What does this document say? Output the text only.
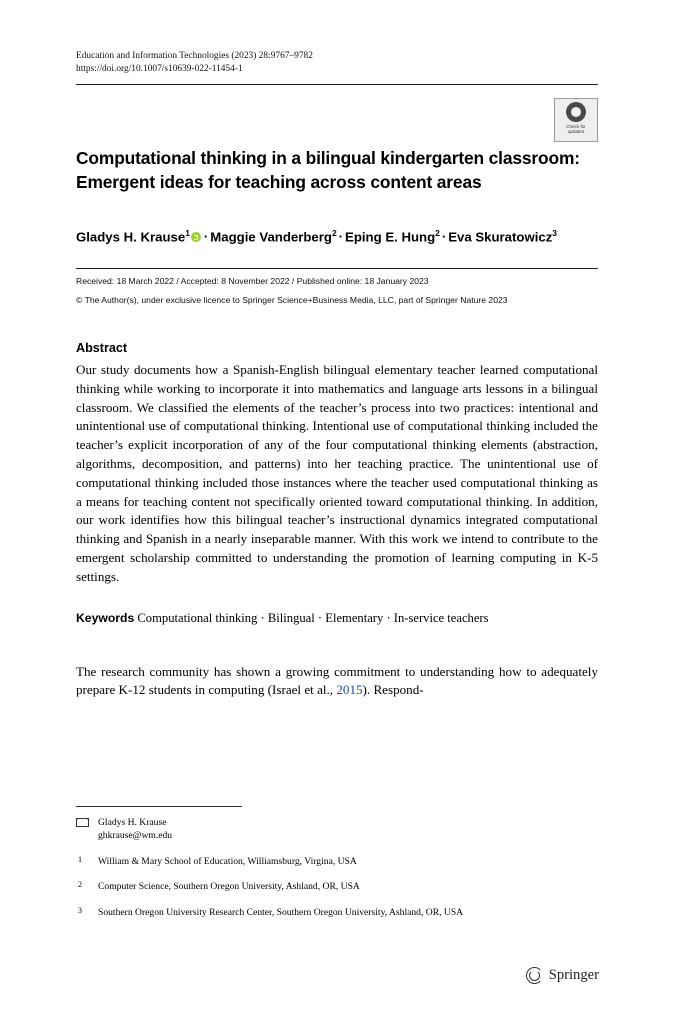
Education and Information Technologies (2023) 28:9767–9782
https://doi.org/10.1007/s10639-022-11454-1
Check for
updates
Computational thinking in a bilingual kindergarten classroom: Emergent ideas for teaching across content areas
Gladys H. Krause$^1$ · Maggie Vanderberg$^2$ · Eping E. Hung$^2$ · Eva Skuratowicz$^3$
Received: 18 March 2022 / Accepted: 8 November 2022 / Published online: 18 January 2023
© The Author(s), under exclusive licence to Springer Science+Business Media, LLC, part of Springer Nature 2023
Abstract
Our study documents how a Spanish-English bilingual elementary teacher learned computational thinking while working to incorporate it into mathematics and language arts lessons in a bilingual classroom. We classified the elements of the teacher’s process into two practices: intentional and unintentional use of computational thinking. Intentional use of computational thinking included the teacher’s explicit incorporation of any of the four computational thinking elements (abstraction, algorithms, decomposition, and patterns) into her teaching practice. The unintentional use of computational thinking included those instances where the teacher used computational thinking as a means for teaching content not specifically oriented toward computational thinking. In addition, our work identifies how this bilingual teacher’s instructional dynamics integrated computational thinking and Spanish in a nearly inseparable manner. With this work we intend to contribute to the emergent scholarship committed to understanding the promotion of learning computing in K-5 settings.
Keywords Computational thinking · Bilingual · Elementary · In-service teachers
The research community has shown a growing commitment to understanding how to adequately prepare K-12 students in computing (Israel et al., 2015). Respond-
Gladys H. Krause
ghkrause@wm.edu
1 William & Mary School of Education, Williamsburg, Virgina, USA
2 Computer Science, Southern Oregon University, Ashland, OR, USA
3 Southern Oregon University Research Center, Southern Oregon University, Ashland, OR, USA
Springer
